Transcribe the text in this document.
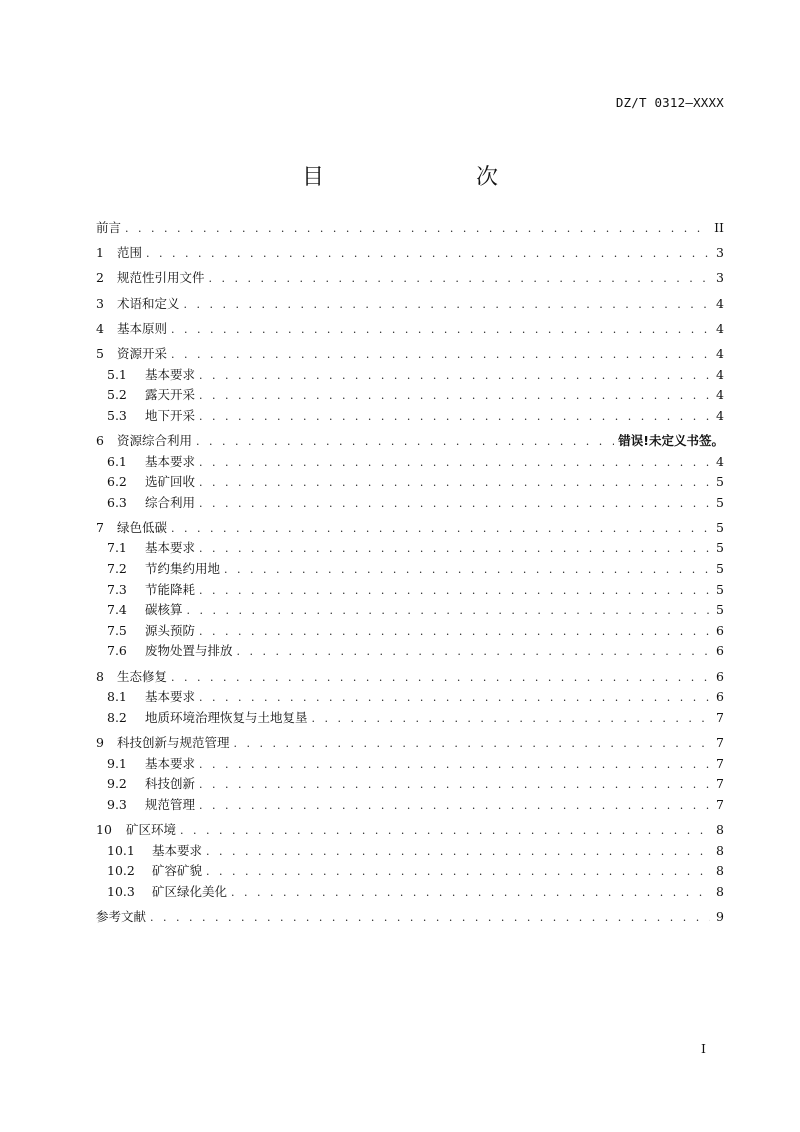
DZ/T 0312—XXXX
目　　次
前言 . . .	II
1	范围 . . .	3
2	规范性引用文件 . . .	3
3	术语和定义 . . .	4
4	基本原则 . . .	4
5	资源开采 . . .	4
5.1	基本要求 . . .	4
5.2	露天开采 . . .	4
5.3	地下开采 . . .	4
6	资源综合利用 . . .	错误!未定义书签。
6.1	基本要求 . . .	4
6.2	选矿回收 . . .	5
6.3	综合利用 . . .	5
7	绿色低碳 . . .	5
7.1	基本要求 . . .	5
7.2	节约集约用地 . . .	5
7.3	节能降耗 . . .	5
7.4	碳核算 . . .	5
7.5	源头预防 . . .	6
7.6	废物处置与排放 . . .	6
8	生态修复 . . .	6
8.1	基本要求 . . .	6
8.2	地质环境治理恢复与土地复垦 . . .	7
9	科技创新与规范管理 . . .	7
9.1	基本要求 . . .	7
9.2	科技创新 . . .	7
9.3	规范管理 . . .	7
10	矿区环境 . . .	8
10.1	基本要求 . . .	8
10.2	矿容矿貌 . . .	8
10.3	矿区绿化美化 . . .	8
参考文献 . . .	9
I
